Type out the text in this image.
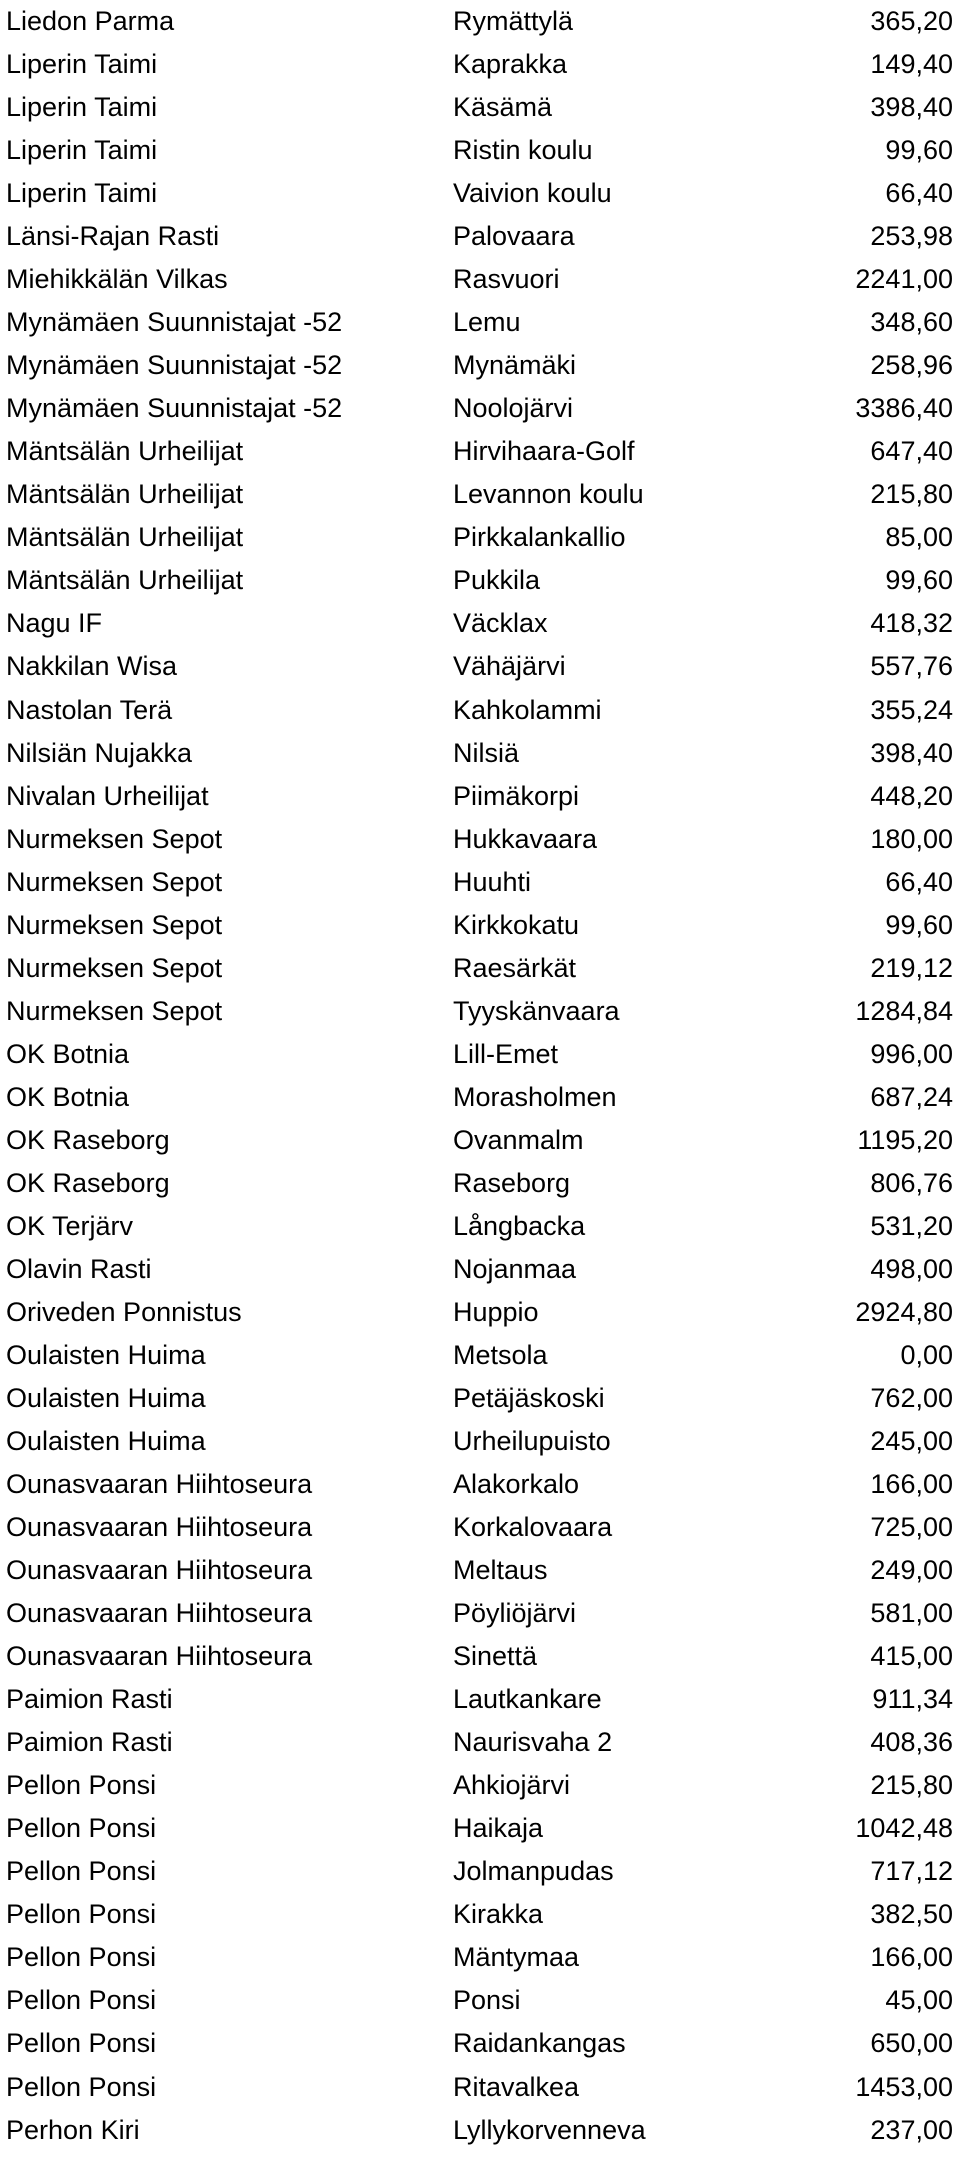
Liedon Parma	Rymättylä	365,20
Liperin Taimi	Kaprakka	149,40
Liperin Taimi	Käsämä	398,40
Liperin Taimi	Ristin koulu	99,60
Liperin Taimi	Vaivion koulu	66,40
Länsi-Rajan Rasti	Palovaara	253,98
Miehikkälän Vilkas	Rasvuori	2241,00
Mynämäen Suunnistajat -52	Lemu	348,60
Mynämäen Suunnistajat -52	Mynämäki	258,96
Mynämäen Suunnistajat -52	Noolojärvi	3386,40
Mäntsälän Urheilijat	Hirvihaara-Golf	647,40
Mäntsälän Urheilijat	Levannon koulu	215,80
Mäntsälän Urheilijat	Pirkkalankallio	85,00
Mäntsälän Urheilijat	Pukkila	99,60
Nagu IF	Väcklax	418,32
Nakkilan Wisa	Vähäjärvi	557,76
Nastolan Terä	Kahkolammi	355,24
Nilsiän Nujakka	Nilsiä	398,40
Nivalan Urheilijat	Piimäkorpi	448,20
Nurmeksen Sepot	Hukkavaara	180,00
Nurmeksen Sepot	Huuhti	66,40
Nurmeksen Sepot	Kirkkokatu	99,60
Nurmeksen Sepot	Raesärkät	219,12
Nurmeksen Sepot	Tyyskänvaara	1284,84
OK Botnia	Lill-Emet	996,00
OK Botnia	Morasholmen	687,24
OK Raseborg	Ovanmalm	1195,20
OK Raseborg	Raseborg	806,76
OK Terjärv	Långbacka	531,20
Olavin Rasti	Nojanmaa	498,00
Oriveden Ponnistus	Huppio	2924,80
Oulaisten Huima	Metsola	0,00
Oulaisten Huima	Petäjäskoski	762,00
Oulaisten Huima	Urheilupuisto	245,00
Ounasvaaran Hiihtoseura	Alakorkalo	166,00
Ounasvaaran Hiihtoseura	Korkalovaara	725,00
Ounasvaaran Hiihtoseura	Meltaus	249,00
Ounasvaaran Hiihtoseura	Pöyliöjärvi	581,00
Ounasvaaran Hiihtoseura	Sinettä	415,00
Paimion Rasti	Lautkankare	911,34
Paimion Rasti	Naurisvaha 2	408,36
Pellon Ponsi	Ahkiojärvi	215,80
Pellon Ponsi	Haikaja	1042,48
Pellon Ponsi	Jolmanpudas	717,12
Pellon Ponsi	Kirakka	382,50
Pellon Ponsi	Mäntymaa	166,00
Pellon Ponsi	Ponsi	45,00
Pellon Ponsi	Raidankangas	650,00
Pellon Ponsi	Ritavalkea	1453,00
Perhon Kiri	Lyllykorvenneva	237,00
